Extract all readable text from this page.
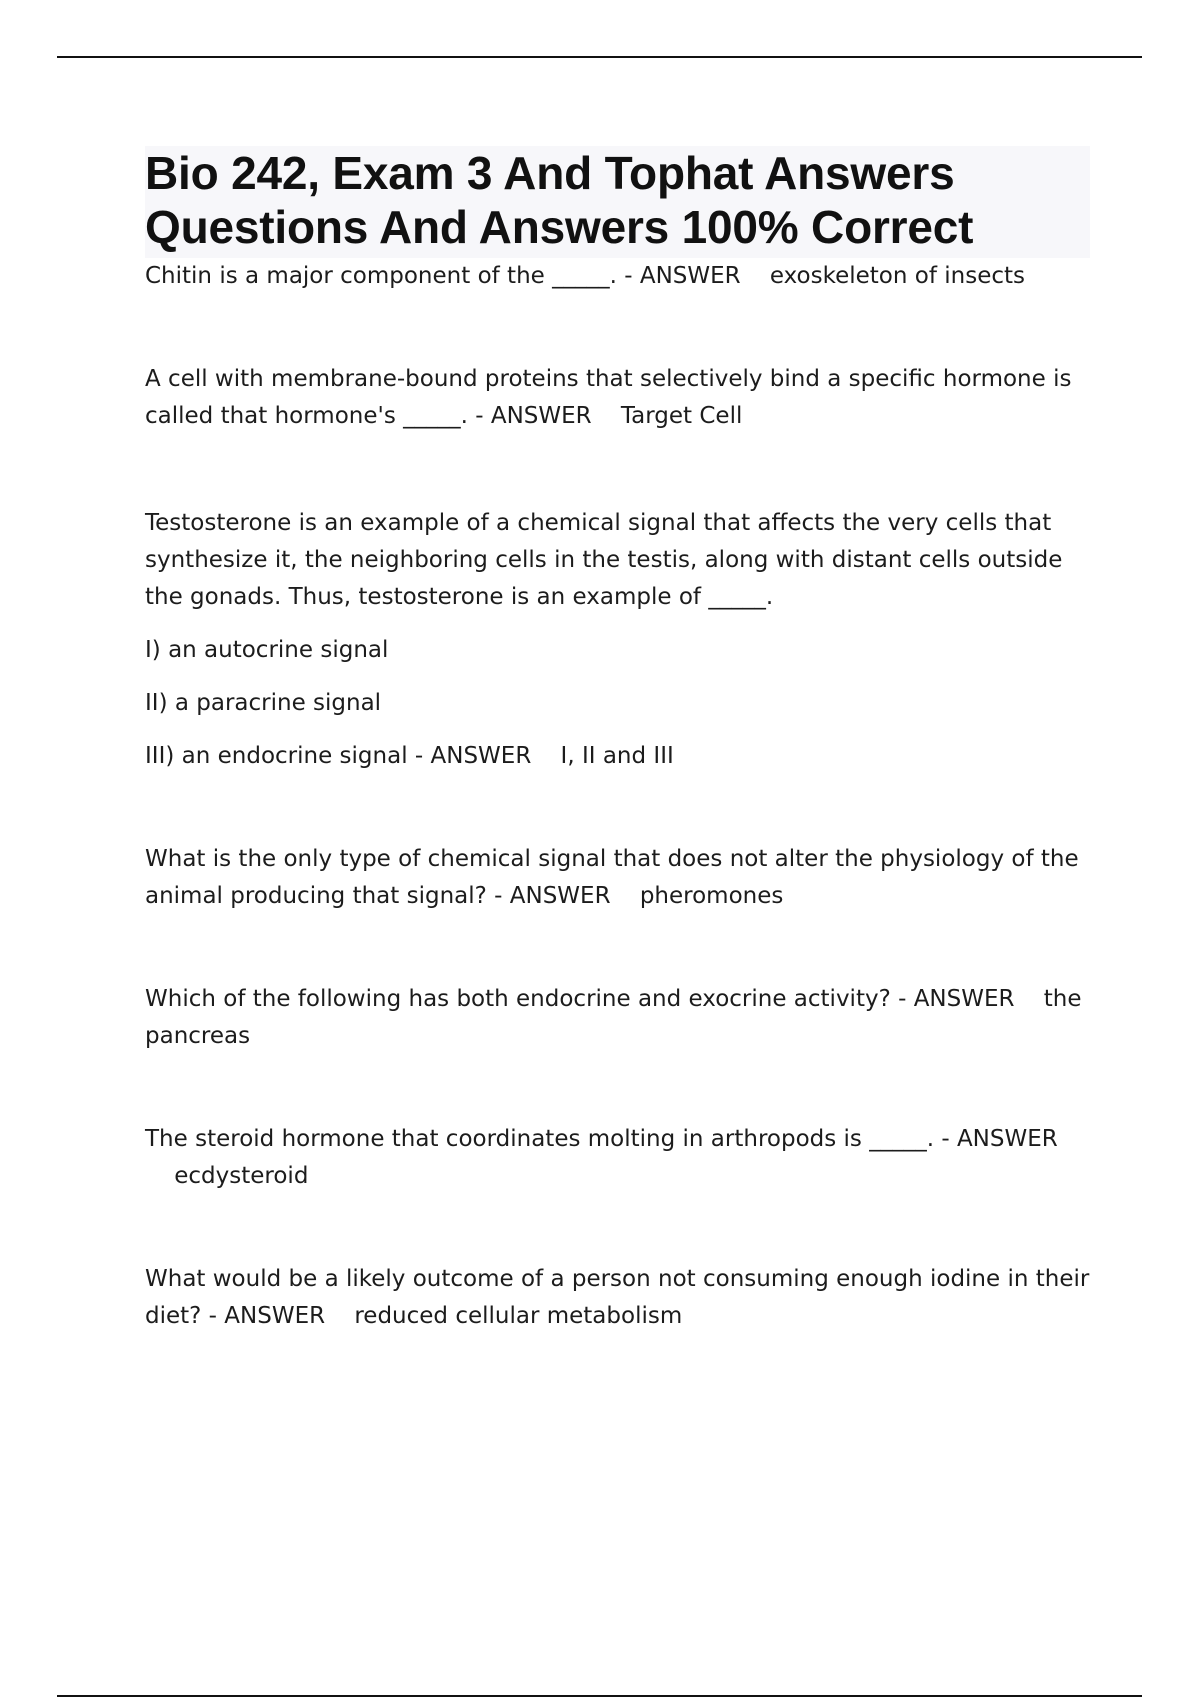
Bio 242, Exam 3 And Tophat Answers
Questions And Answers 100% Correct

Chitin is a major component of the _____. - ANSWER exoskeleton of insects

A cell with membrane-bound proteins that selectively bind a specific hormone is called that hormone's _____. - ANSWER Target Cell

Testosterone is an example of a chemical signal that affects the very cells that synthesize it, the neighboring cells in the testis, along with distant cells outside the gonads. Thus, testosterone is an example of _____.

I) an autocrine signal

II) a paracrine signal

III) an endocrine signal - ANSWER I, II and III

What is the only type of chemical signal that does not alter the physiology of the animal producing that signal? - ANSWER pheromones

Which of the following has both endocrine and exocrine activity? - ANSWER the pancreas

The steroid hormone that coordinates molting in arthropods is _____. - ANSWER    ecdysteroid

What would be a likely outcome of a person not consuming enough iodine in their diet? - ANSWER reduced cellular metabolism
